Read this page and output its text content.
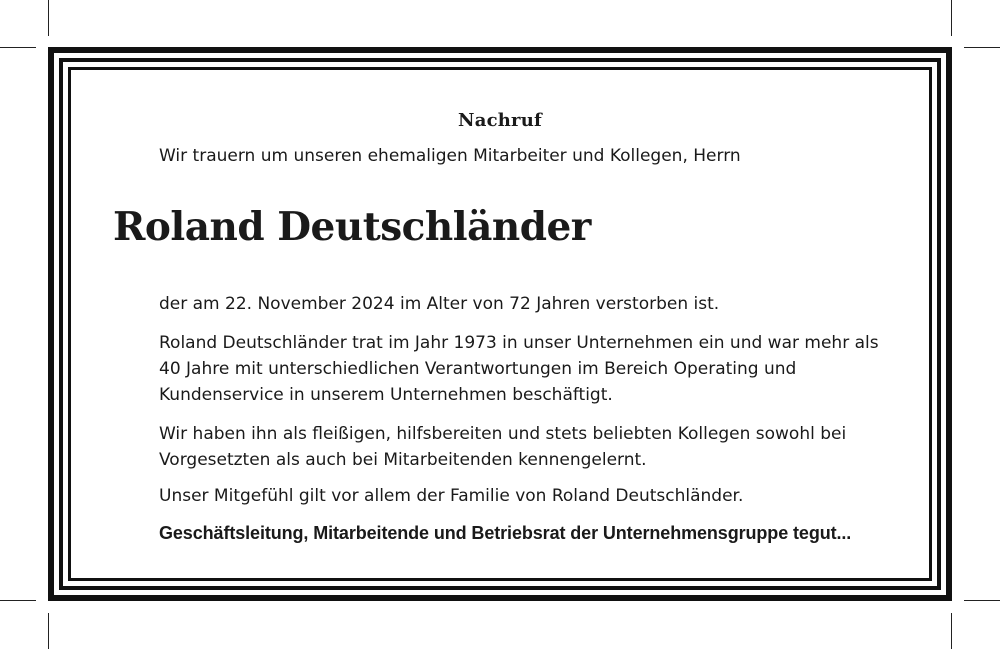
Nachruf
Wir trauern um unseren ehemaligen Mitarbeiter und Kollegen, Herrn
Roland Deutschländer
der am 22. November 2024 im Alter von 72 Jahren verstorben ist.
Roland Deutschländer trat im Jahr 1973 in unser Unternehmen ein und war mehr als 40 Jahre mit unterschiedlichen Verantwortungen im Bereich Operating und Kundenservice in unserem Unternehmen beschäftigt.
Wir haben ihn als fleißigen, hilfsbereiten und stets beliebten Kollegen sowohl bei Vorgesetzten als auch bei Mitarbeitenden kennengelernt.
Unser Mitgefühl gilt vor allem der Familie von Roland Deutschländer.
Geschäftsleitung, Mitarbeitende und Betriebsrat der Unternehmensgruppe tegut...
